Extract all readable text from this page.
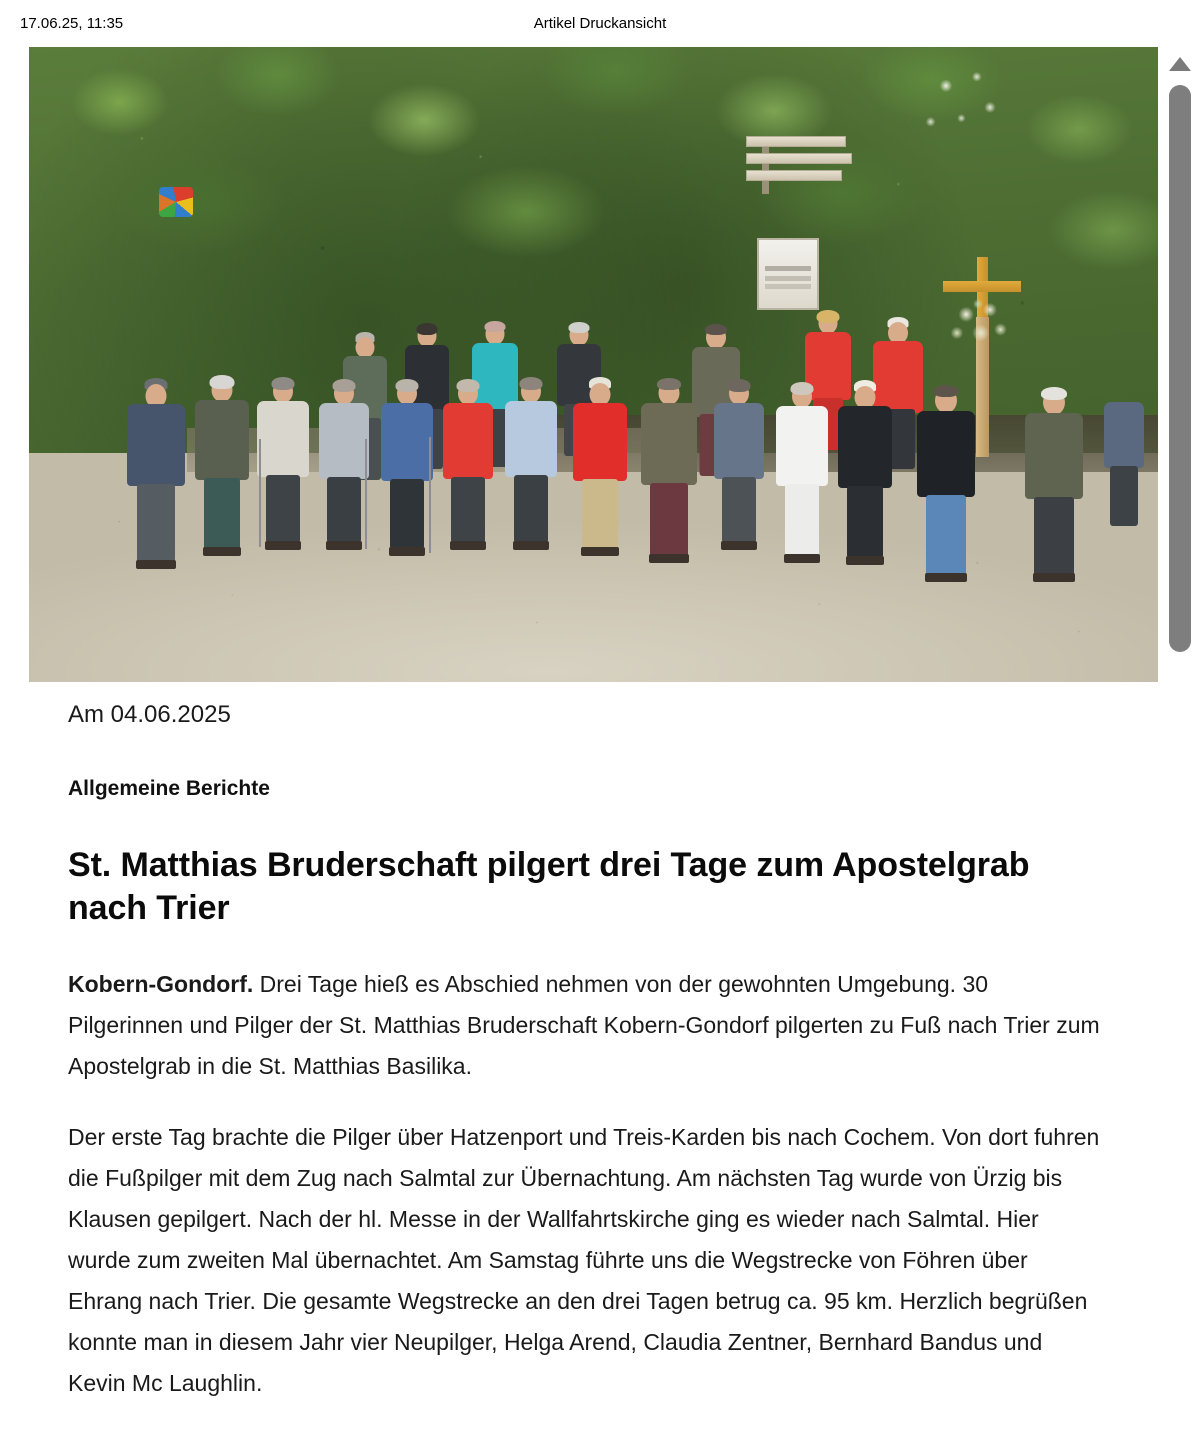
17.06.25, 11:35	Artikel Druckansicht

Am 04.06.2025

Allgemeine Berichte

St. Matthias Bruderschaft pilgert drei Tage zum Apostelgrab nach Trier

Kobern-Gondorf. Drei Tage hieß es Abschied nehmen von der gewohnten Umgebung. 30 Pilgerinnen und Pilger der St. Matthias Bruderschaft Kobern-Gondorf pilgerten zu Fuß nach Trier zum Apostelgrab in die St. Matthias Basilika.

Der erste Tag brachte die Pilger über Hatzenport und Treis-Karden bis nach Cochem. Von dort fuhren die Fußpilger mit dem Zug nach Salmtal zur Übernachtung. Am nächsten Tag wurde von Ürzig bis Klausen gepilgert. Nach der hl. Messe in der Wallfahrtskirche ging es wieder nach Salmtal. Hier wurde zum zweiten Mal übernachtet. Am Samstag führte uns die Wegstrecke von Föhren über Ehrang nach Trier. Die gesamte Wegstrecke an den drei Tagen betrug ca. 95 km. Herzlich begrüßen konnte man in diesem Jahr vier Neupilger, Helga Arend, Claudia Zentner, Bernhard Bandus und Kevin Mc Laughlin.
